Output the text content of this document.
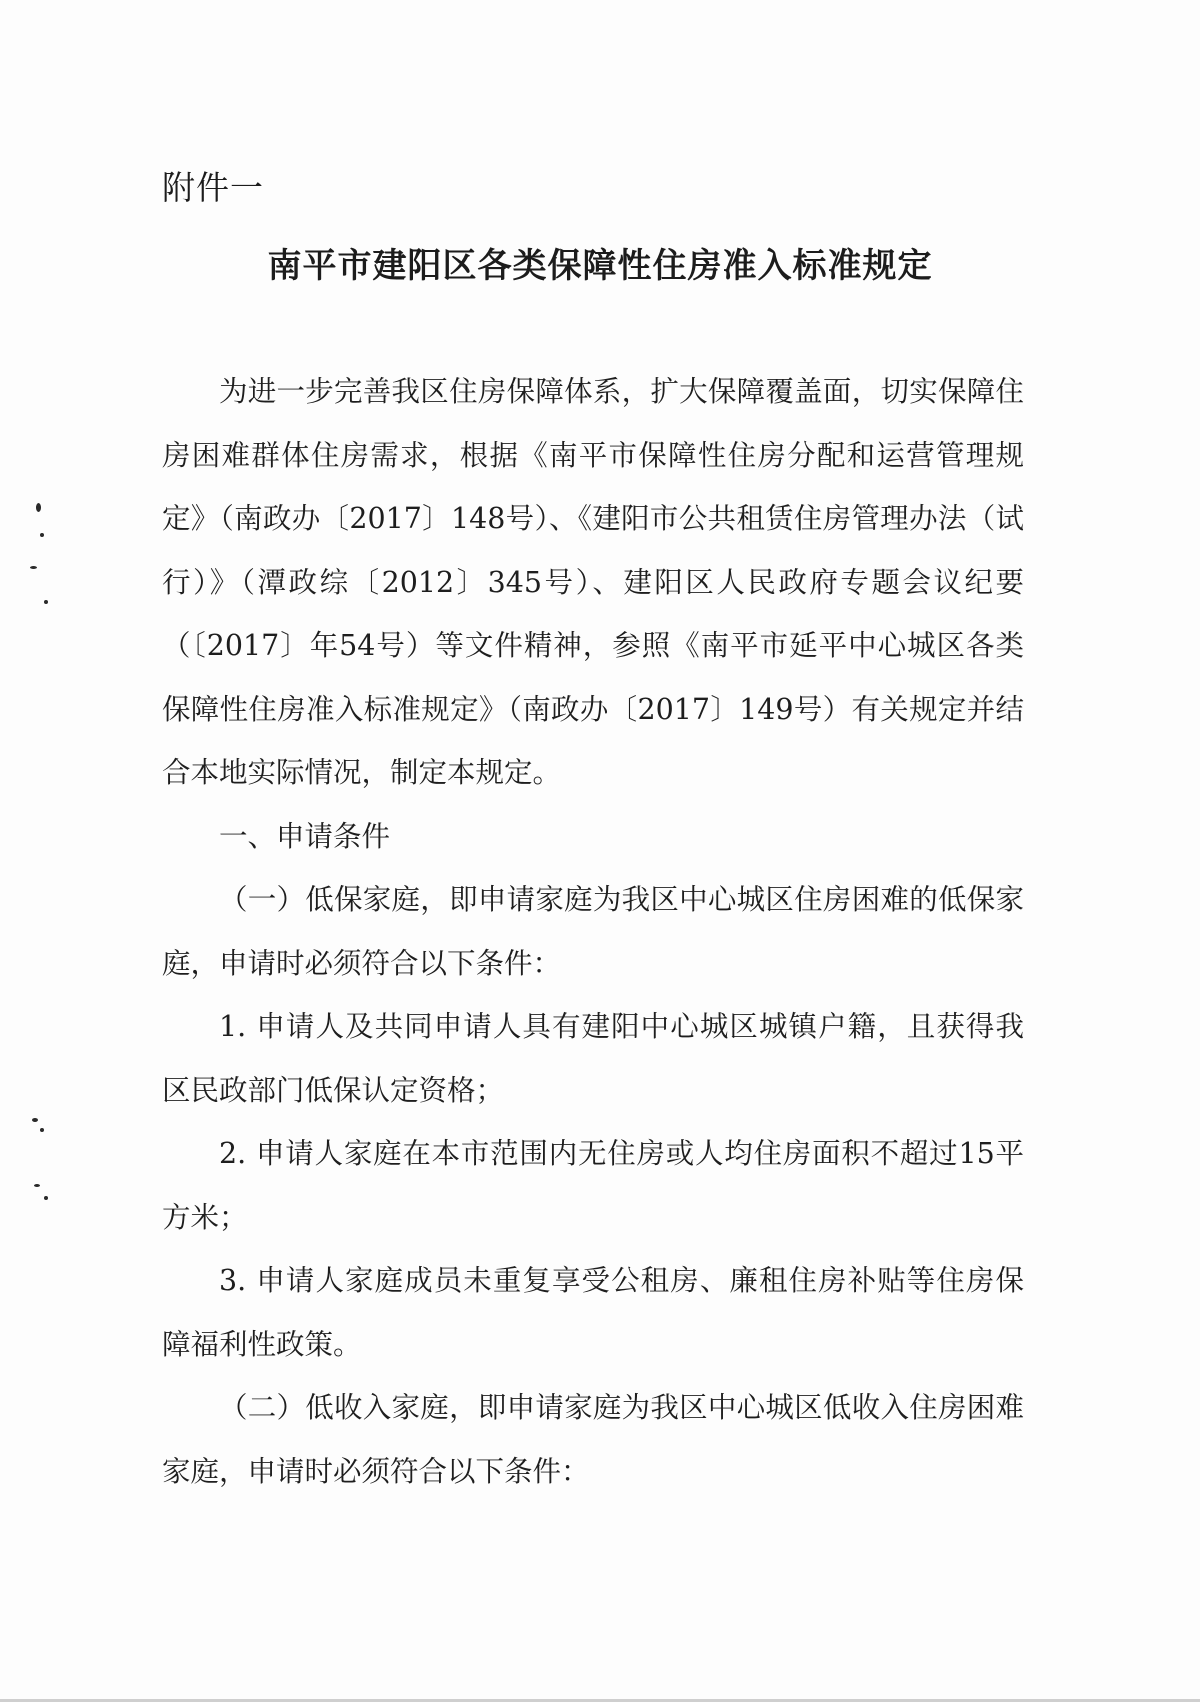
附件一
南平市建阳区各类保障性住房准入标准规定

为进一步完善我区住房保障体系，扩大保障覆盖面，切实保障住房困难群体住房需求，根据《南平市保障性住房分配和运营管理规定》（南政办〔2017〕148号）、《建阳市公共租赁住房管理办法（试行）》（潭政综〔2012〕345号）、建阳区人民政府专题会议纪要（〔2017〕年54号）等文件精神，参照《南平市延平中心城区各类保障性住房准入标准规定》（南政办〔2017〕149号）有关规定并结合本地实际情况，制定本规定。

一、申请条件

（一）低保家庭，即申请家庭为我区中心城区住房困难的低保家庭，申请时必须符合以下条件：

1. 申请人及共同申请人具有建阳中心城区城镇户籍，且获得我区民政部门低保认定资格；

2. 申请人家庭在本市范围内无住房或人均住房面积不超过15平方米；

3. 申请人家庭成员未重复享受公租房、廉租住房补贴等住房保障福利性政策。

（二）低收入家庭，即申请家庭为我区中心城区低收入住房困难家庭，申请时必须符合以下条件：
